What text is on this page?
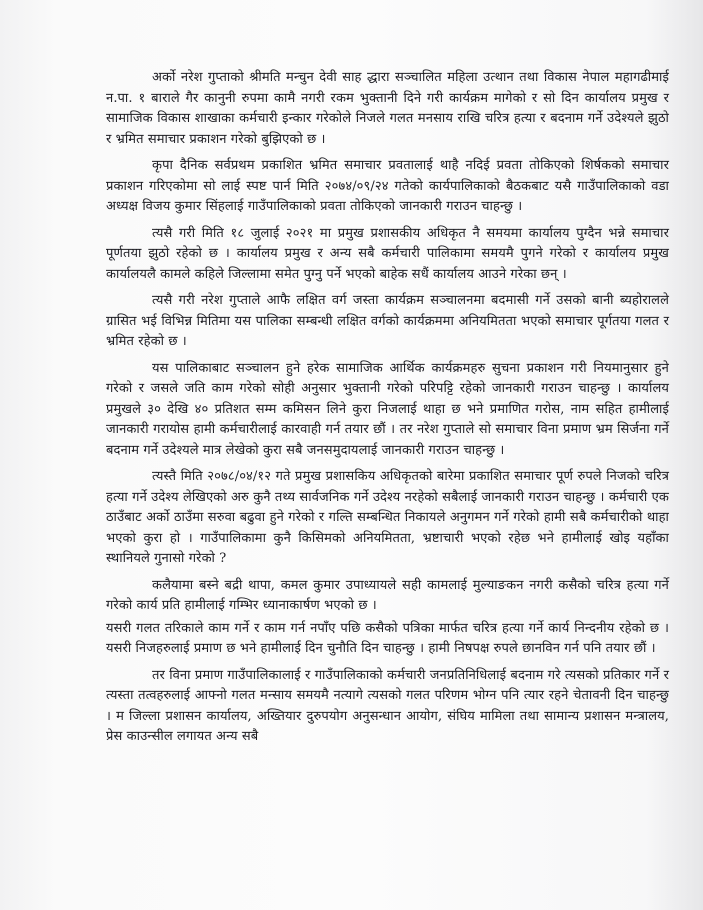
अर्को नरेश गुप्ताको श्रीमति मन्चुन देवी साह द्धारा सञ्चालित महिला उत्थान तथा विकास नेपाल महागढीमाई न.पा. १ बाराले गैर कानुनी रुपमा कामै नगरी रकम भुक्तानी दिने गरी कार्यक्रम मागेको र सो दिन कार्यालय प्रमुख र सामाजिक विकास शाखाका कर्मचारी इन्कार गरेकोले निजले गलत मनसाय राखि चरित्र हत्या र बदनाम गर्ने उदेश्यले झुठो र भ्रमित समाचार प्रकाशन गरेको बुझिएको छ ।

कृपा दैनिक सर्वप्रथम प्रकाशित भ्रमित समाचार प्रवतालाई थाहै नदिई प्रवता तोकिएको शिर्षकको समाचार प्रकाशन गरिएकोमा सो लाई स्पष्ट पार्न मिति २०७४/०९/२४ गतेको कार्यपालिकाको बैठकबाट यसै गाउँपालिकाको वडा अध्यक्ष विजय कुमार सिंहलाई गाउँपालिकाको प्रवता तोकिएको जानकारी गराउन चाहन्छु ।

त्यसै गरी मिति १८ जुलाई २०२१ मा प्रमुख प्रशासकीय अधिकृत नै समयमा कार्यालय पुग्दैन भन्ने समाचार पूर्णतया झुठो रहेको छ । कार्यालय प्रमुख र अन्य सबै कर्मचारी पालिकामा समयमै पुगने गरेको र कार्यालय प्रमुख कार्यालयलै कामले कहिले जिल्लामा समेत पुग्नु पर्ने भएको बाहेक सधैं कार्यालय आउने गरेका छन् ।

त्यसै गरी नरेश गुप्ताले आफै लक्षित वर्ग जस्ता कार्यक्रम सञ्चालनमा बदमासी गर्ने उसको बानी ब्यहोरालले ग्रासित भई विभिन्न मितिमा यस पालिका सम्बन्धी लक्षित वर्गको कार्यक्रममा अनियमितता भएको समाचार पूर्गतया गलत र भ्रमित रहेको छ ।

यस पालिकाबाट सञ्चालन हुने हरेक सामाजिक आर्थिक कार्यक्रमहरु सुचना प्रकाशन गरी नियमानुसार हुने गरेको र जसले जति काम गरेको सोही अनुसार भुक्तानी गरेको परिपट्टि रहेको जानकारी गराउन चाहन्छु । कार्यालय प्रमुखले ३० देखि ४० प्रतिशत सम्म कमिसन लिने कुरा निजलाई थाहा छ भने प्रमाणित गरोस, नाम सहित हामीलाई जानकारी गरायोस हामी कर्मचारीलाई कारवाही गर्न तयार छौं । तर नरेश गुप्ताले सो समाचार विना प्रमाण भ्रम सिर्जना गर्ने बदनाम गर्ने उदेश्यले मात्र लेखेको कुरा सबै जनसमुदायलाई जानकारी गराउन चाहन्छु ।

त्यस्तै मिति २०७८/०४/१२ गते प्रमुख प्रशासकिय अधिकृतको बारेमा प्रकाशित समाचार पूर्ण रुपले निजको चरित्र हत्या गर्ने उदेश्य लेखिएको अरु कुनै तथ्य सार्वजनिक गर्ने उदेश्य नरहेको सबैलाई जानकारी गराउन चाहन्छु । कर्मचारी एक ठाउँबाट अर्को ठाउँमा सरुवा बढुवा हुने गरेको र गल्ति सम्बन्धित निकायले अनुगमन गर्ने गरेको हामी सबै कर्मचारीको थाहा भएको कुरा हो । गाउँपालिकामा कुनै किसिमको अनियमितता, भ्रष्टाचारी भएको रहेछ भने हामीलाई खोइ यहाँका स्थानियले गुनासो गरेको ?

कलैयामा बस्ने बद्री थापा, कमल कुमार उपाध्यायले सही कामलाई मुल्याङकन नगरी कसैको चरित्र हत्या गर्ने गरेको कार्य प्रति हामीलाई गम्भिर ध्यानाकार्षण भएको छ ।

यसरी गलत तरिकाले काम गर्ने र काम गर्न नपाँए पछि कसैको पत्रिका मार्फत चरित्र हत्या गर्ने कार्य निन्दनीय रहेको छ । यसरी निजहरुलाई प्रमाण छ भने हामीलाई दिन चुनौति दिन चाहन्छु । हामी निषपक्ष रुपले छानविन गर्न पनि तयार छौं ।

तर विना प्रमाण गाउँपालिकालाई र गाउँपालिकाको कर्मचारी जनप्रतिनिधिलाई बदनाम गरे त्यसको प्रतिकार गर्ने र त्यस्ता तत्वहरुलाई आफ्नो गलत मन्साय समयमै नत्यागे त्यसको गलत परिणम भोग्न पनि त्यार रहने चेतावनी दिन चाहन्छु । म जिल्ला प्रशासन कार्यालय, अख्तियार दुरुपयोग अनुसन्धान आयोग, संघिय मामिला तथा सामान्य प्रशासन मन्त्रालय, प्रेस काउन्सील लगायत अन्य सबै
